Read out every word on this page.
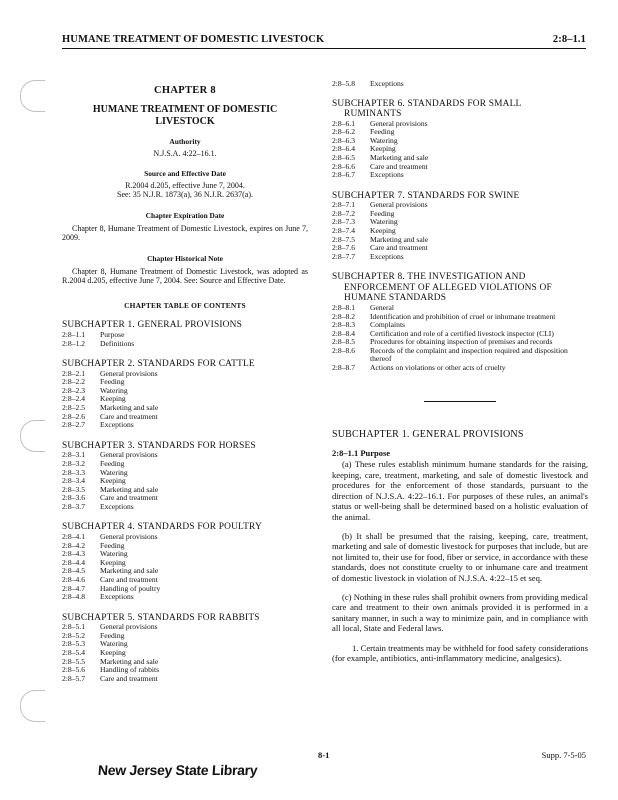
HUMANE TREATMENT OF DOMESTIC LIVESTOCK	2:8–1.1
CHAPTER 8
HUMANE TREATMENT OF DOMESTIC
LIVESTOCK
Authority
N.J.S.A. 4:22–16.1.
Source and Effective Date
R.2004 d.205, effective June 7, 2004.
See: 35 N.J.R. 1873(a), 36 N.J.R. 2637(a).
Chapter Expiration Date
Chapter 8, Humane Treatment of Domestic Livestock, expires on June 7, 2009.
Chapter Historical Note
Chapter 8, Humane Treatment of Domestic Livestock, was adopted as R.2004 d.205, effective June 7, 2004. See: Source and Effective Date.
CHAPTER TABLE OF CONTENTS
SUBCHAPTER 1. GENERAL PROVISIONS
2:8–1.1	Purpose
2:8–1.2	Definitions
SUBCHAPTER 2. STANDARDS FOR CATTLE
2:8–2.1	General provisions
2:8–2.2	Feeding
2:8–2.3	Watering
2:8–2.4	Keeping
2:8–2.5	Marketing and sale
2:8–2.6	Care and treatment
2:8–2.7	Exceptions
SUBCHAPTER 3. STANDARDS FOR HORSES
2:8–3.1	General provisions
2:8–3.2	Feeding
2:8–3.3	Watering
2:8–3.4	Keeping
2:8–3.5	Marketing and sale
2:8–3.6	Care and treatment
2:8–3.7	Exceptions
SUBCHAPTER 4. STANDARDS FOR POULTRY
2:8–4.1	General provisions
2:8–4.2	Feeding
2:8–4.3	Watering
2:8–4.4	Keeping
2:8–4.5	Marketing and sale
2:8–4.6	Care and treatment
2:8–4.7	Handling of poultry
2:8–4.8	Exceptions
SUBCHAPTER 5. STANDARDS FOR RABBITS
2:8–5.1	General provisions
2:8–5.2	Feeding
2:8–5.3	Watering
2:8–5.4	Keeping
2:8–5.5	Marketing and sale
2:8–5.6	Handling of rabbits
2:8–5.7	Care and treatment
2:8–5.8	Exceptions
SUBCHAPTER 6. STANDARDS FOR SMALL
RUMINANTS
2:8–6.1	General provisions
2:8–6.2	Feeding
2:8–6.3	Watering
2:8–6.4	Keeping
2:8–6.5	Marketing and sale
2:8–6.6	Care and treatment
2:8–6.7	Exceptions
SUBCHAPTER 7. STANDARDS FOR SWINE
2:8–7.1	General provisions
2:8–7.2	Feeding
2:8–7.3	Watering
2:8–7.4	Keeping
2:8–7.5	Marketing and sale
2:8–7.6	Care and treatment
2:8–7.7	Exceptions
SUBCHAPTER 8. THE INVESTIGATION AND
ENFORCEMENT OF ALLEGED VIOLATIONS OF
HUMANE STANDARDS
2:8–8.1	General
2:8–8.2	Identification and prohibition of cruel or inhumane treatment
2:8–8.3	Complaints
2:8–8.4	Certification and role of a certified livestock inspector (CLI)
2:8–8.5	Procedures for obtaining inspection of premises and records
2:8–8.6	Records of the complaint and inspection required and disposition thereof
2:8–8.7	Actions on violations or other acts of cruelty
SUBCHAPTER 1. GENERAL PROVISIONS
2:8–1.1 Purpose
(a) These rules establish minimum humane standards for the raising, keeping, care, treatment, marketing, and sale of domestic livestock and procedures for the enforcement of those standards, pursuant to the direction of N.J.S.A. 4:22–16.1. For purposes of these rules, an animal's status or well-being shall be determined based on a holistic evaluation of the animal.
(b) It shall be presumed that the raising, keeping, care, treatment, marketing and sale of domestic livestock for purposes that include, but are not limited to, their use for food, fiber or service, in accordance with these standards, does not constitute cruelty to or inhumane care and treatment of domestic livestock in violation of N.J.S.A. 4:22–15 et seq.
(c) Nothing in these rules shall prohibit owners from providing medical care and treatment to their own animals provided it is performed in a sanitary manner, in such a way to minimize pain, and in compliance with all local, State and Federal laws.
1. Certain treatments may be withheld for food safety considerations (for example, antibiotics, anti-inflammatory medicine, analgesics).
8-1	Supp. 7-5-05
New Jersey State Library
